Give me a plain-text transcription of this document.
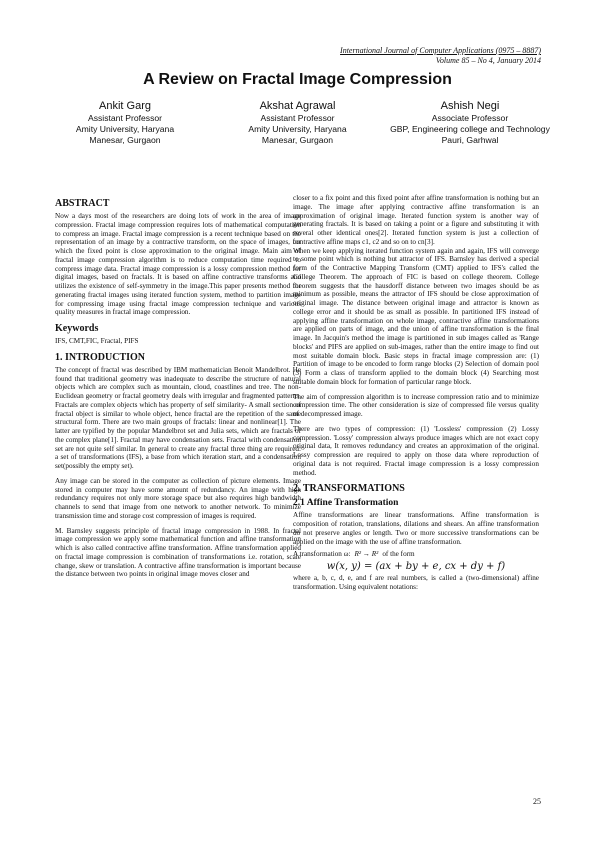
International Journal of Computer Applications (0975 – 8887)
Volume 85 – No 4, January 2014
A Review on Fractal Image Compression
Ankit Garg
Assistant Professor
Amity University, Haryana
Manesar, Gurgaon
Akshat Agrawal
Assistant Professor
Amity University, Haryana
Manesar, Gurgaon
Ashish Negi
Associate Professor
GBP, Engineering college and Technology
Pauri, Garhwal
ABSTRACT

Now a days most of the researchers are doing lots of work in the area of image compression. Fractal image compression requires lots of mathematical computation to compress an image. Fractal image compression is a recent technique based on the representation of an image by a contractive transform, on the space of images, for which the fixed point is close approximation to the original image. Main aim of fractal image compression algorithm is to reduce computation time required to compress image data. Fractal image compression is a lossy compression method for digital images, based on fractals. It is based on affine contractive transforms and utilizes the existence of self-symmetry in the image.This paper presents method for generating fractal images using iterated function system, method to partition image for compressing image using fractal image compression technique and various quality measures in fractal image compression.

Keywords

IFS, CMT,FIC, Fractal, PIFS

1. INTRODUCTION

The concept of fractal was described by IBM mathematician Benoit Mandelbrot. He found that traditional geometry was inadequate to describe the structure of natural objects which are complex such as mountain, cloud, coastlines and tree. The non-Euclidean geometry or fractal geometry deals with irregular and fragmented patterns. Fractals are complex objects which has property of self similarity- A small section of fractal object is similar to whole object, hence fractal are the repetition of the same structural form. There are two main groups of fractals: linear and nonlinear[1]. The latter are typified by the popular Mandelbrot set and Julia sets, which are fractals of the complex plane[1]. Fractal may have condensation sets. Fractal with condensation set are not quite self similar. In general to create any fractal three thing are required: a set of transformations (IFS), a base from which iteration start, and a condensation set(possibly the empty set).

Any image can be stored in the computer as collection of picture elements. Image stored in computer may have some amount of redundancy. An image with high redundancy requires not only more storage space but also requires high bandwidth channels to send that image from one network to another network. To minimize transmission time and storage cost compression of images is required.

M. Barnsley suggests principle of fractal image compression in 1988. In fractal image compression we apply some mathematical function and affine transformation which is also called contractive affine transformation. Affine transformation applied on fractal image compression is combination of transformations i.e. rotation, scale change, skew or translation. A contractive affine transformation is important because the distance between two points in original image moves closer and

closer to a fix point and this fixed point after affine transformation is nothing but an image. The image after applying contractive affine transformation is an approximation of original image. Iterated function system is another way of generating fractals. It is based on taking a point or a figure and substituting it with several other identical ones[2]. Iterated function system is just a collection of contractive affine maps c1, c2 and so on to cn[3].

When we keep applying iterated function system again and again, IFS will converge to some point which is nothing but attractor of IFS. Barnsley has derived a special form of the Contractive Mapping Transform (CMT) applied to IFS's called the College Theorem. The approach of FIC is based on college theorem. College theorem suggests that the hausdorff distance between two images should be as minimum as possible, means the attractor of IFS should be close approximation of original image. The distance between original image and attractor is known as college error and it should be as small as possible. In partitioned IFS instead of applying affine transformation on whole image, contractive affine transformations are applied on parts of image, and the union of affine transformation is the final image. In Jacquin's method the image is partitioned in sub images called as 'Range blocks' and PIFS are applied on sub-images, rather than the entire image to find out most suitable domain block. Basic steps in fractal image compression are: (1) Partition of image to be encoded to form range blocks (2) Selection of domain pool (3) Form a class of transform applied to the domain block (4) Searching most suitable domain block for formation of particular range block.

The aim of compression algorithm is to increase compression ratio and to minimize compression time. The other consideration is size of compressed file versus quality of decompressed image.

There are two types of compression: (1) 'Lossless' compression (2) Lossy compression. 'Lossy' compression always produce images which are not exact copy original data, It removes redundancy and creates an approximation of the original. Lossy compression are required to apply on those data where reproduction of original data is not required. Fractal image compression is a lossy compression method.

2. TRANSFORMATIONS
2.1 Affine Transformation

Affine transformations are linear transformations. Affine transformation is composition of rotation, translations, dilations and shears. An affine transformation do not preserve angles or length. Two or more successive transformations can be applied on the image with the use of affine transformation.

A transformation ω: R² → R² of the form
w(x, y) = (ax + by + e, cx + dy + f)

where a, b, c, d, e, and f are real numbers, is called a (two-dimensional) affine transformation. Using equivalent notations:

25
